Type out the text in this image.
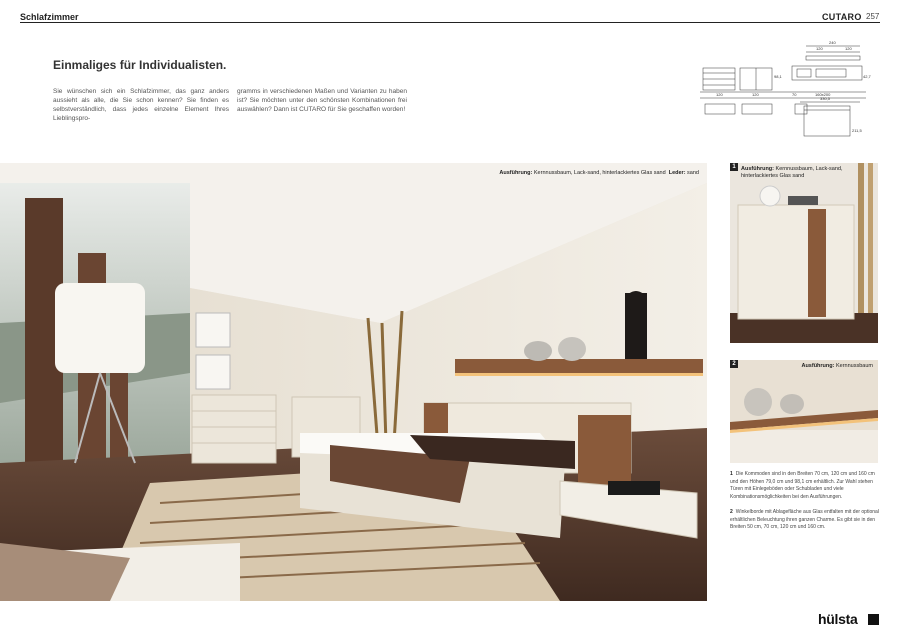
Schlafzimmer	CUTARO 257
Einmaliges für Individualisten.
Sie wünschen sich ein Schlafzimmer, das ganz anders aussieht als alle, die Sie schon kennen? Sie finden es selbstverständlich, dass jedes einzelne Element Ihres Lieblingspro-
gramms in verschiedenen Maßen und Varianten zu haben ist? Sie möchten unter den schönsten Kombinationen frei auswählen? Dann ist CUTARO für Sie geschaffen worden!
240
120	120
98,1	42,7
120	120	70	160x200
330,5
211,5
Ausführung: Kernnussbaum, Lack-sand, hinterlackiertes Glas sand Leder: sand
1 Ausführung: Kernnussbaum, Lack-sand, hinterlackiertes Glas sand
2	Ausführung: Kernnussbaum
1 Die Kommoden sind in den Breiten 70 cm, 120 cm und 160 cm und den Höhen 79,0 cm und 98,1 cm erhältlich. Zur Wahl stehen Türen mit Einlegeböden oder Schubladen und viele Kombinationsmöglichkeiten bei den Ausführungen.
2 Winkelborde mit Ablagefläche aus Glas entfalten mit der optional erhältlichen Beleuchtung ihren ganzen Charme. Es gibt sie in den Breiten 50 cm, 70 cm, 120 cm und 160 cm.
hülsta
